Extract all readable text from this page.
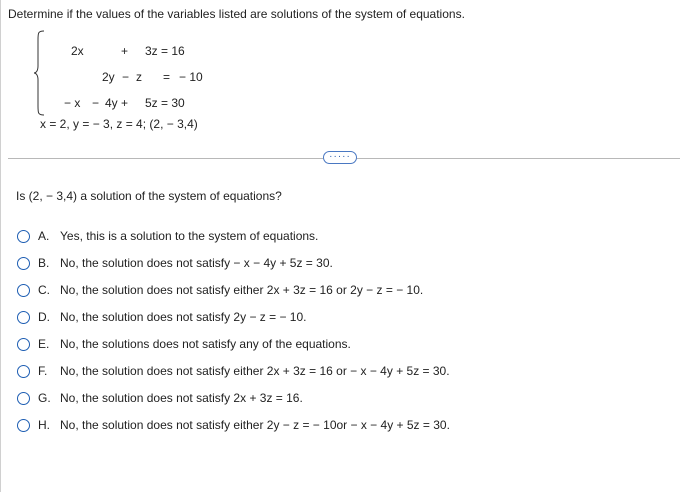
Determine if the values of the variables listed are solutions of the system of equations.
2x	+ 3z = 16
2y − z = − 10
− x − 4y + 5z = 30
x = 2, y = − 3, z = 4; (2, − 3,4)
·····
Is (2, − 3,4) a solution of the system of equations?
A. Yes, this is a solution to the system of equations.
B. No, the solution does not satisfy − x − 4y + 5z = 30.
C. No, the solution does not satisfy either 2x + 3z = 16 or 2y − z = − 10.
D. No, the solution does not satisfy 2y − z = − 10.
E. No, the solutions does not satisfy any of the equations.
F.	No, the solution does not satisfy either 2x + 3z = 16 or − x − 4y + 5z = 30.
G. No, the solution does not satisfy 2x + 3z = 16.
H. No, the solution does not satisfy either 2y − z = − 10or − x − 4y + 5z = 30.
